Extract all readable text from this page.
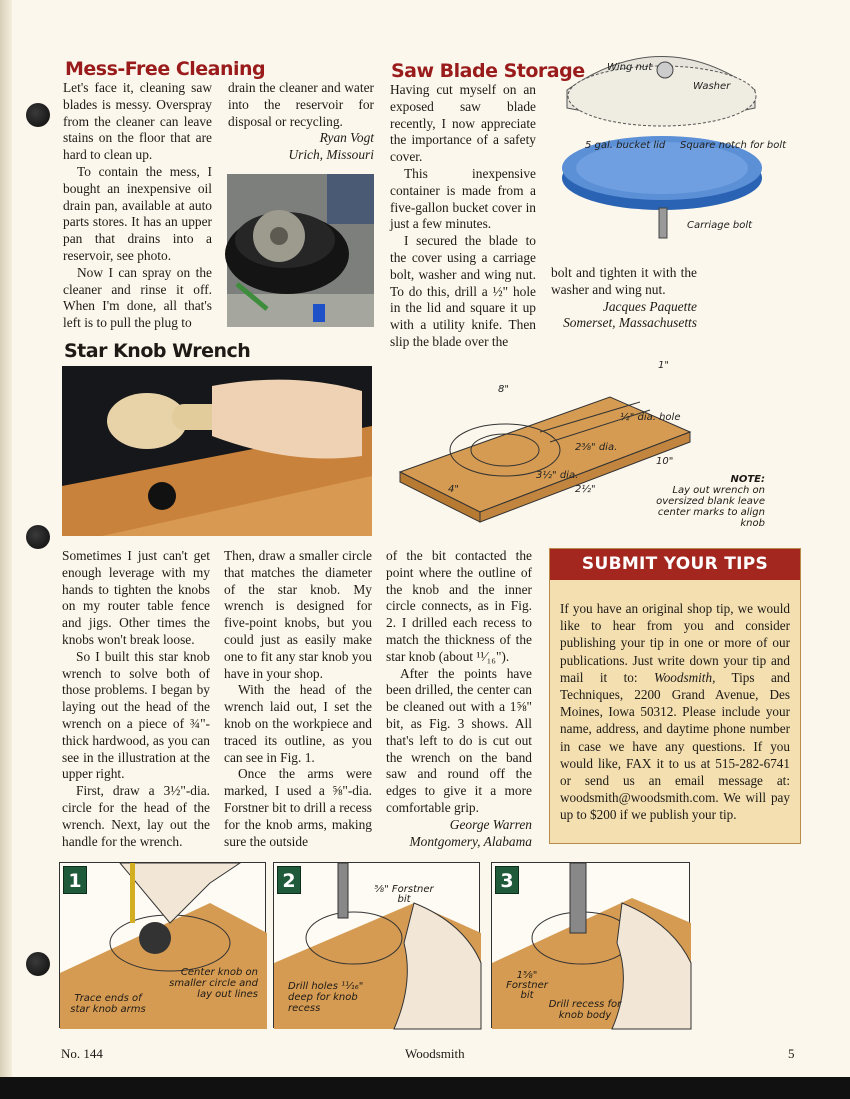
Mess-Free Cleaning

Let's face it, cleaning saw blades is messy. Overspray from the cleaner can leave stains on the floor that are hard to clean up.

To contain the mess, I bought an inexpensive oil drain pan, available at auto parts stores. It has an upper pan that drains into a reservoir, see photo.

Now I can spray on the cleaner and rinse it off. When I'm done, all that's left is to pull the plug to

drain the cleaner and water into the reservoir for disposal or recycling.

Ryan Vogt

Urich, Missouri

Saw Blade Storage

Having cut myself on an exposed saw blade recently, I now appreciate the importance of a safety cover.

This inexpensive container is made from a five-gallon bucket cover in just a few minutes.

I secured the blade to the cover using a carriage bolt, washer and wing nut. To do this, drill a ½" hole in the lid and square it up with a utility knife. Then slip the blade over the

bolt and tighten it with the washer and wing nut.

Jacques Paquette

Somerset, Massachusetts

Wing nut
Washer
5 gal. bucket lid Square notch for bolt
Carriage bolt
Star Knob Wrench
1"
8"
½" dia. hole
2⅜" dia.
10"
3½" dia.
4"	2½"
NOTE:
Lay out wrench on oversized blank leave center marks to align knob

Sometimes I just can't get enough leverage with my hands to tighten the knobs on my router table fence and jigs. Other times the knobs won't break loose.

So I built this star knob wrench to solve both of those problems. I began by laying out the head of the wrench on a piece of ¾"-thick hardwood, as you can see in the illustration at the upper right.

First, draw a 3½"-dia. circle for the head of the wrench. Next, lay out the handle for the wrench.

Then, draw a smaller circle that matches the diameter of the star knob. My wrench is designed for five-point knobs, but you could just as easily make one to fit any star knob you have in your shop.

With the head of the wrench laid out, I set the knob on the workpiece and traced its outline, as you can see in Fig. 1.

Once the arms were marked, I used a ⅝"-dia. Forstner bit to drill a recess for the knob arms, making sure the outside

of the bit contacted the point where the outline of the knob and the inner circle connects, as in Fig. 2. I drilled each recess to match the thickness of the star knob (about ¹¹⁄₁₆").

After the points have been drilled, the center can be cleaned out with a 1⅝" bit, as Fig. 3 shows. All that's left to do is cut out the wrench on the band saw and round off the edges to give it a more comfortable grip.

George Warren

Montgomery, Alabama

SUBMIT YOUR TIPS
If you have an original shop tip, we would like to hear from you and consider publishing your tip in one or more of our publications. Just write down your tip and mail it to: Woodsmith, Tips and Techniques, 2200 Grand Avenue, Des Moines, Iowa 50312. Please include your name, address, and daytime phone number in case we have any questions. If you would like, FAX it to us at 515-282-6741 or send us an email message at: woodsmith@woodsmith.com. We will pay up to $200 if we publish your tip.
1
Center knob on smaller circle and lay out lines
Trace ends of star knob arms
2	⅝" Forstner bit
Drill holes ¹¹⁄₁₆" deep for knob recess
3
1⅝" Forstner bit
Drill recess for knob body
No. 144	Woodsmith	5
